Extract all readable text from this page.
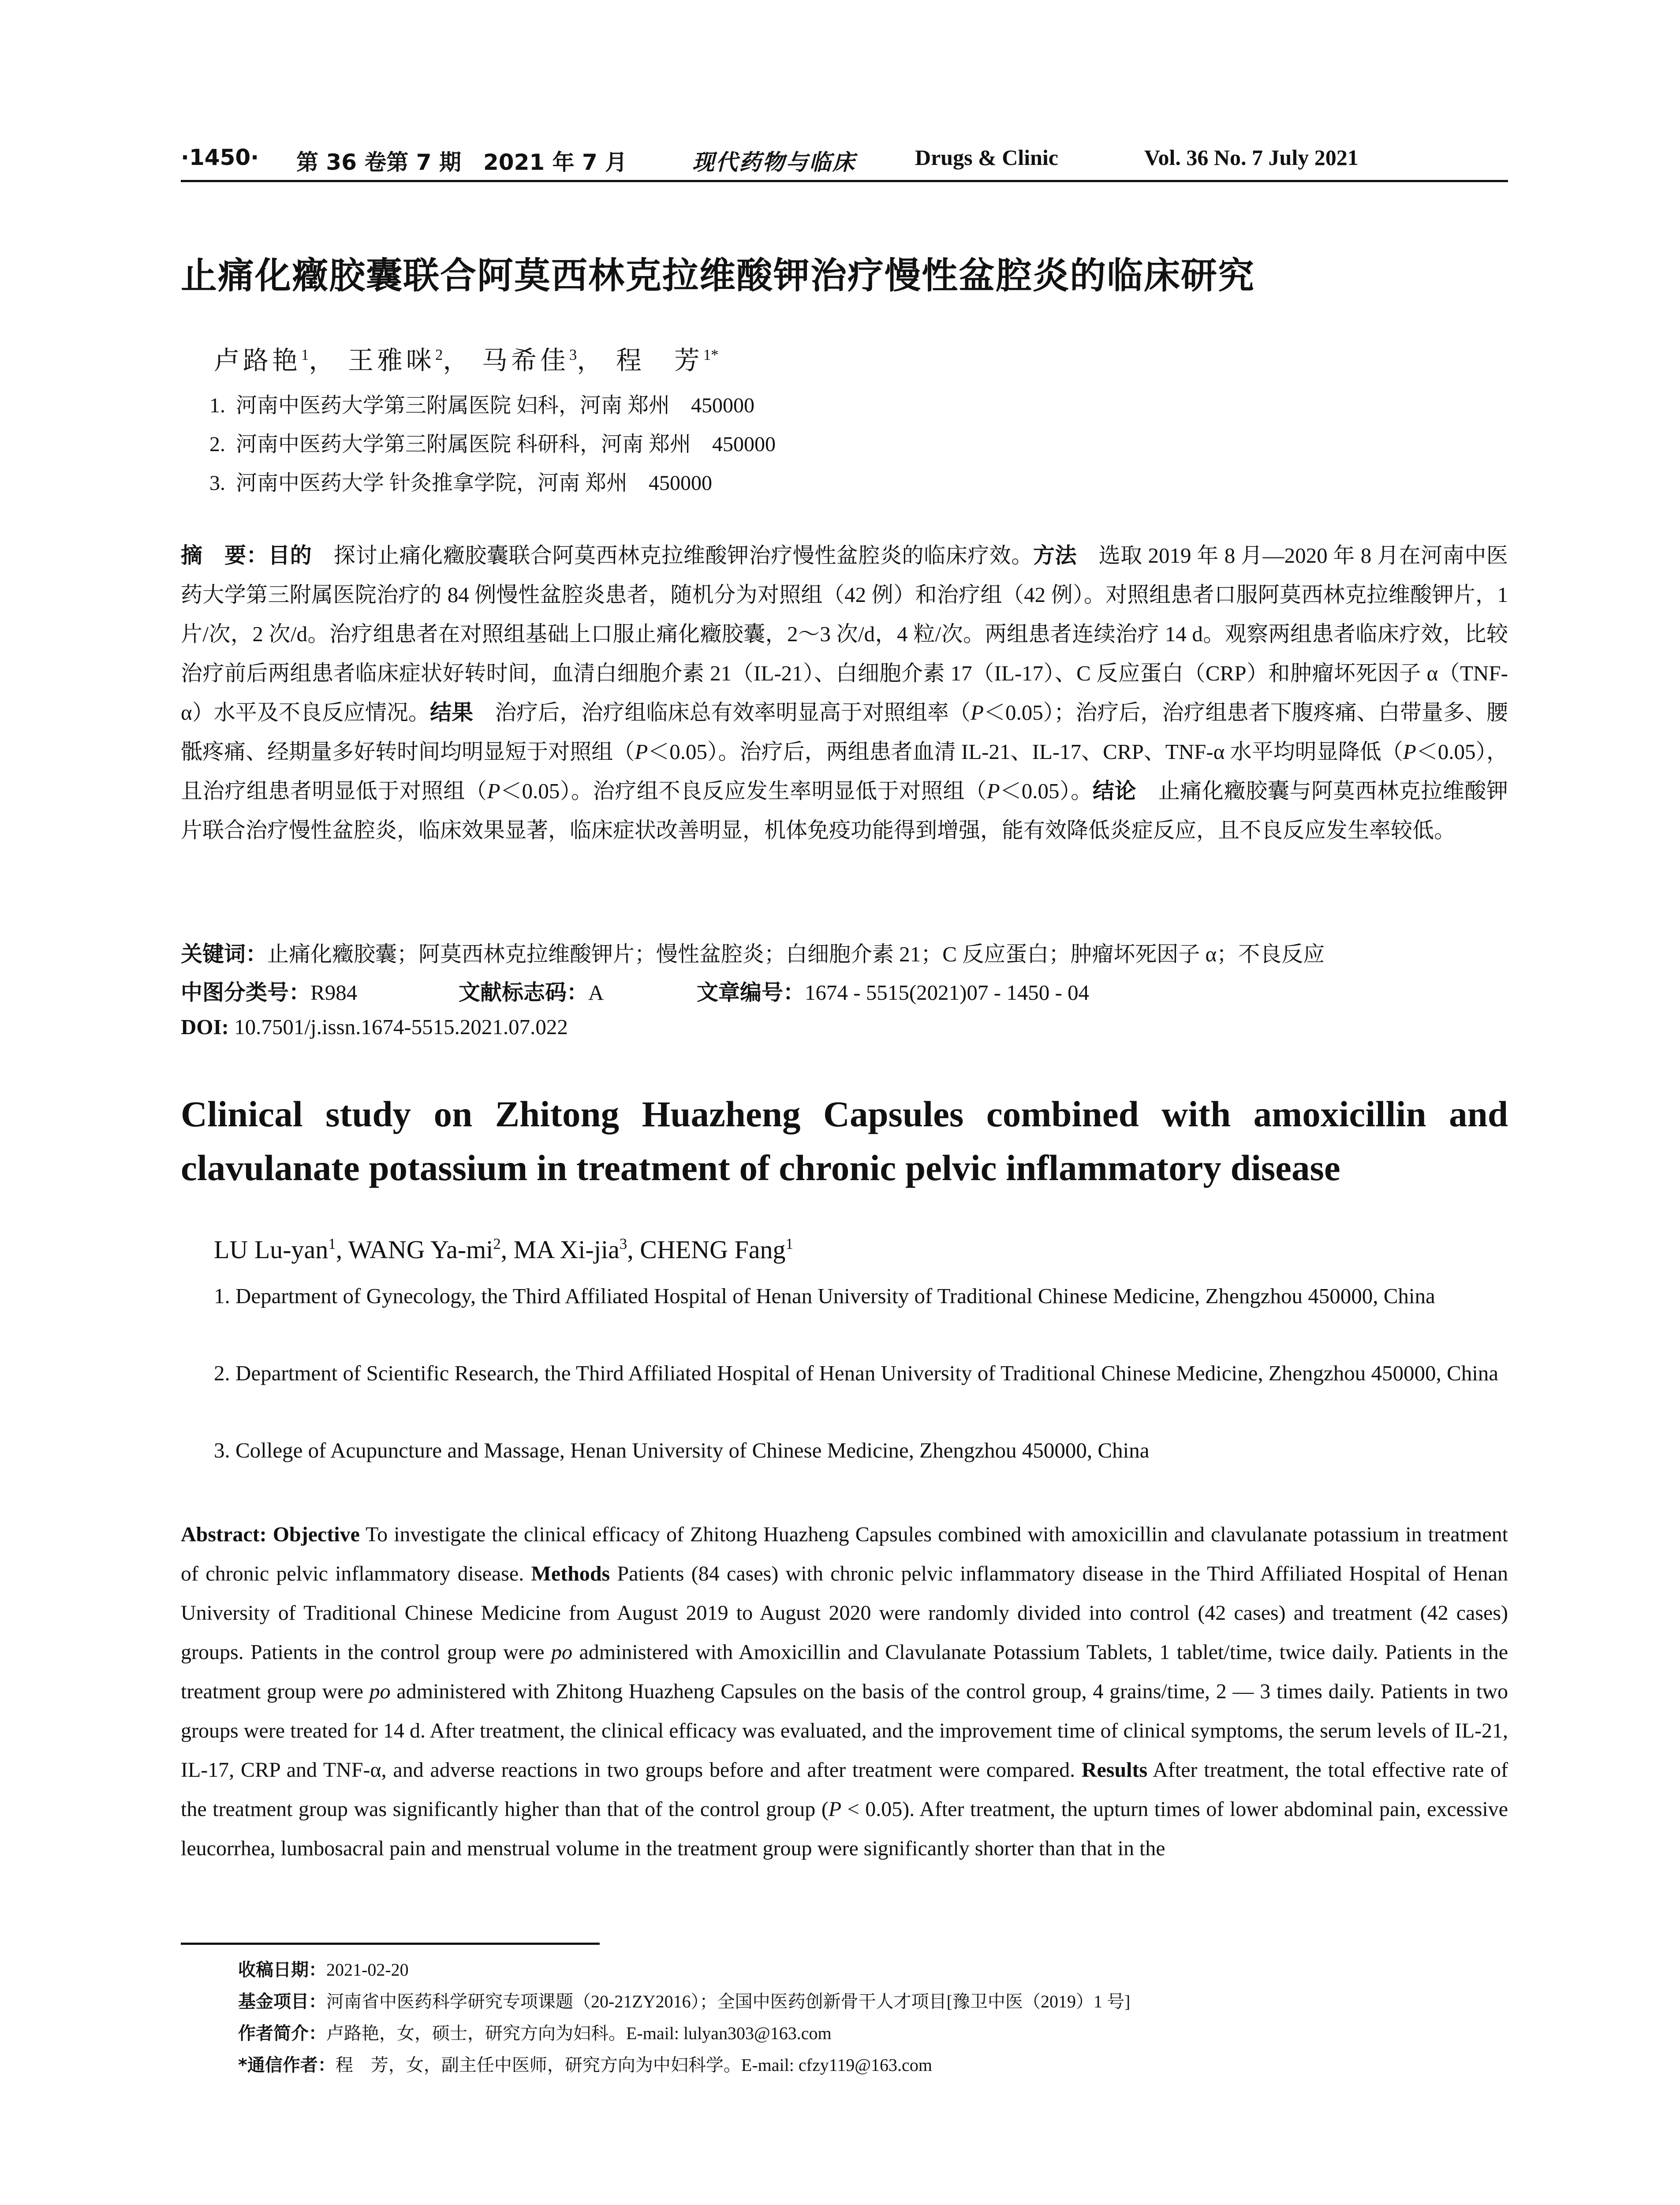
·1450· 第 36 卷第 7 期　2021 年 7 月	现代药物与临床	Drugs & Clinic	Vol. 36 No. 7 July 2021
止痛化癥胶囊联合阿莫西林克拉维酸钾治疗慢性盆腔炎的临床研究
卢路艳$^1$， 王雅咪$^2$， 马希佳$^3$， 程　芳$^{1*}$
1. 河南中医药大学第三附属医院 妇科，河南 郑州　450000
2. 河南中医药大学第三附属医院 科研科，河南 郑州　450000
3. 河南中医药大学 针灸推拿学院，河南 郑州　450000
摘　要：目的　探讨止痛化癥胶囊联合阿莫西林克拉维酸钾治疗慢性盆腔炎的临床疗效。方法　选取 2019 年 8 月—2020 年 8 月在河南中医药大学第三附属医院治疗的 84 例慢性盆腔炎患者，随机分为对照组（42 例）和治疗组（42 例）。对照组患者口服阿莫西林克拉维酸钾片，1 片/次，2 次/d。治疗组患者在对照组基础上口服止痛化癥胶囊，2～3 次/d，4 粒/次。两组患者连续治疗 14 d。观察两组患者临床疗效，比较治疗前后两组患者临床症状好转时间，血清白细胞介素 21（IL-21）、白细胞介素 17（IL-17）、C 反应蛋白（CRP）和肿瘤坏死因子 α（TNF-α）水平及不良反应情况。结果　治疗后，治疗组临床总有效率明显高于对照组率（P＜0.05）；治疗后，治疗组患者下腹疼痛、白带量多、腰骶疼痛、经期量多好转时间均明显短于对照组（P＜0.05）。治疗后，两组患者血清 IL-21、IL-17、CRP、TNF-α 水平均明显降低（P＜0.05），且治疗组患者明显低于对照组（P＜0.05）。治疗组不良反应发生率明显低于对照组（P＜0.05）。结论　止痛化癥胶囊与阿莫西林克拉维酸钾片联合治疗慢性盆腔炎，临床效果显著，临床症状改善明显，机体免疫功能得到增强，能有效降低炎症反应，且不良反应发生率较低。
关键词：止痛化癥胶囊；阿莫西林克拉维酸钾片；慢性盆腔炎；白细胞介素 21；C 反应蛋白；肿瘤坏死因子 α；不良反应
中图分类号：R984	文献标志码：A	文章编号：1674 - 5515(2021)07 - 1450 - 04
DOI: 10.7501/j.issn.1674-5515.2021.07.022
Clinical study on Zhitong Huazheng Capsules combined with amoxicillin and clavulanate potassium in treatment of chronic pelvic inflammatory disease
LU Lu-yan$^1$, WANG $Ya-mi^2$, MA Xi-jia$^3$, CHENG Fang$^1$
1. Department of Gynecology, the Third Affiliated Hospital of Henan University of Traditional Chinese Medicine, Zhengzhou 450000, China
2. Department of Scientific Research, the Third Affiliated Hospital of Henan University of Traditional Chinese Medicine, Zhengzhou 450000, China
3. College of Acupuncture and Massage, Henan University of Chinese Medicine, Zhengzhou 450000, China
Abstract: Objective To investigate the clinical efficacy of Zhitong Huazheng Capsules combined with amoxicillin and clavulanate potassium in treatment of chronic pelvic inflammatory disease. Methods Patients (84 cases) with chronic pelvic inflammatory disease in the Third Affiliated Hospital of Henan University of Traditional Chinese Medicine from August 2019 to August 2020 were randomly divided into control (42 cases) and treatment (42 cases) groups. Patients in the control group were po administered with Amoxicillin and Clavulanate Potassium Tablets, 1 tablet/time, twice daily. Patients in the treatment group were po administered with Zhitong Huazheng Capsules on the basis of the control group, 4 grains/time, 2 — 3 times daily. Patients in two groups were treated for 14 d. After treatment, the clinical efficacy was evaluated, and the improvement time of clinical symptoms, the serum levels of IL-21, IL-17, CRP and TNF-α, and adverse reactions in two groups before and after treatment were compared. Results After treatment, the total effective rate of the treatment group was significantly higher than that of the control group (P < 0.05). After treatment, the upturn times of lower abdominal pain, excessive leucorrhea, lumbosacral pain and menstrual volume in the treatment group were significantly shorter than that in the
收稿日期：2021-02-20
基金项目：河南省中医药科学研究专项课题（20-21ZY2016）；全国中医药创新骨干人才项目[豫卫中医（2019）1 号]
作者简介：卢路艳，女，硕士，研究方向为妇科。E-mail: lulyan303@163.com
*通信作者：程　芳，女，副主任中医师，研究方向为中妇科学。E-mail: cfzy119@163.com
